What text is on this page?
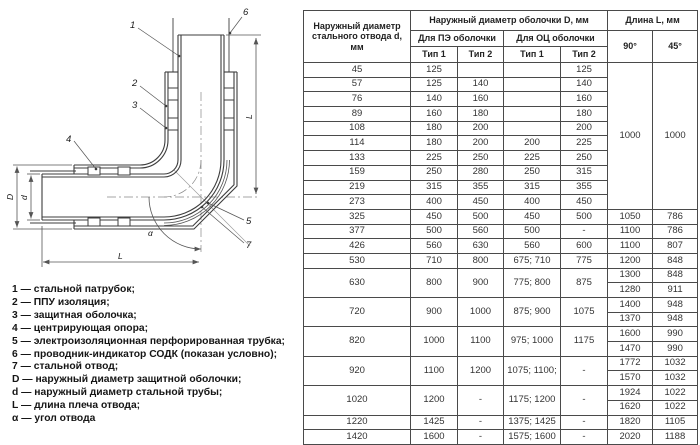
1
2
3
4
5
6
7
L
L
D d
α
1 — стальной патрубок;
2 — ППУ изоляция;
3 — защитная оболочка;
4 — центрирующая опора;
5 — электроизоляционная перфорированная трубка;
6 — проводник-индикатор СОДК (показан условно);
7 — стальной отвод;
D — наружный диаметр защитной оболочки;
d — наружный диаметр стальной трубы;
L — длина плеча отвода;
α — угол отвода
Наружный диаметр стального отвода d, мм	Наружный диаметр оболочки D, мм				Длина L, мм	
	Для ПЭ оболочки		Для ОЦ оболочки		90°	45°
	Тип 1	Тип 2	Тип 1	Тип 2		
45	125			125	1000	1000
57	125	140		140		
76	140	160		160		
89	160	180		180		
108	180	200		200		
114	180	200	200	225		
133	225	250	225	250		
159	250	280	250	315		
219	315	355	315	355		
273	400	450	400	450		
325	450	500	450	500	1050	786
377	500	560	500	-	1100	786
426	560	630	560	600	1100	807
530	710	800	675; 710	775	1200	848
630	800	900	775; 800	875	1300	848
					1280	911
720	900	1000	875; 900	1075	1400	948
					1370	948
820	1000	1100	975; 1000	1175	1600	990
					1470	990
920	1100	1200	1075; 1100;	-	1772	1032
					1570	1032
1020	1200	-	1175; 1200	-	1924	1022
					1620	1022
1220	1425	-	1375; 1425	-	1820	1105
1420	1600	-	1575; 1600	-	2020	1188
